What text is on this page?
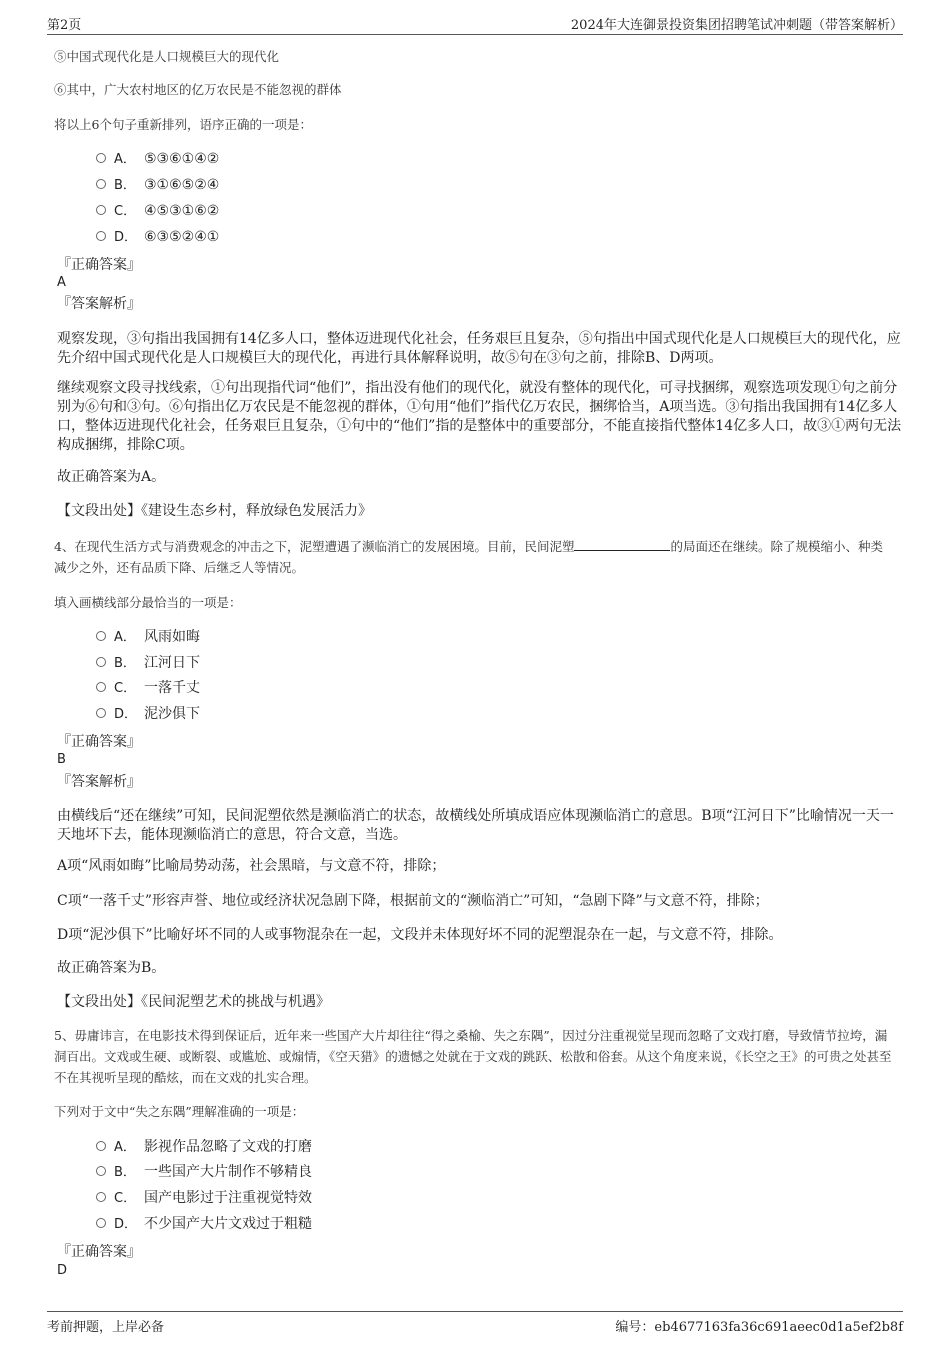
第2页	2024年大连御景投资集团招聘笔试冲刺题（带答案解析）
⑤中国式现代化是人口规模巨大的现代化
⑥其中，广大农村地区的亿万农民是不能忽视的群体
将以上6个句子重新排列，语序正确的一项是：
A． ⑤③⑥①④②
B． ③①⑥⑤②④
C． ④⑤③①⑥②
D． ⑥③⑤②④①
『正确答案』
A
『答案解析』
观察发现，③句指出我国拥有14亿多人口，整体迈进现代化社会，任务艰巨且复杂，⑤句指出中国式现代化是人口规模巨大的现代化，应先介绍中国式现代化是人口规模巨大的现代化，再进行具体解释说明，故⑤句在③句之前，排除B、D两项。
继续观察文段寻找线索，①句出现指代词“他们”，指出没有他们的现代化，就没有整体的现代化，可寻找捆绑，观察选项发现①句之前分别为⑥句和③句。⑥句指出亿万农民是不能忽视的群体，①句用“他们”指代亿万农民，捆绑恰当，A项当选。③句指出我国拥有14亿多人口，整体迈进现代化社会，任务艰巨且复杂，①句中的“他们”指的是整体中的重要部分，不能直接指代整体14亿多人口，故③①两句无法构成捆绑，排除C项。
故正确答案为A。
【文段出处】《建设生态乡村，释放绿色发展活力》
4、在现代生活方式与消费观念的冲击之下，泥塑遭遇了濒临消亡的发展困境。目前，民间泥塑	的局面还在继续。除了规模缩小、种类减少之外，还有品质下降、后继乏人等情况。
填入画横线部分最恰当的一项是：
A． 风雨如晦
B． 江河日下
C． 一落千丈
D． 泥沙俱下
『正确答案』
B
『答案解析』
由横线后“还在继续”可知，民间泥塑依然是濒临消亡的状态，故横线处所填成语应体现濒临消亡的意思。B项“江河日下”比喻情况一天一天地坏下去，能体现濒临消亡的意思，符合文意，当选。
A项“风雨如晦”比喻局势动荡，社会黑暗，与文意不符，排除；
C项“一落千丈”形容声誉、地位或经济状况急剧下降，根据前文的“濒临消亡”可知，“急剧下降”与文意不符，排除；
D项“泥沙俱下”比喻好坏不同的人或事物混杂在一起，文段并未体现好坏不同的泥塑混杂在一起，与文意不符，排除。
故正确答案为B。
【文段出处】《民间泥塑艺术的挑战与机遇》
5、毋庸讳言，在电影技术得到保证后，近年来一些国产大片却往往“得之桑榆、失之东隅”，因过分注重视觉呈现而忽略了文戏打磨，导致情节拉垮，漏洞百出。文戏或生硬、或断裂、或尴尬、或煽情，《空天猎》的遗憾之处就在于文戏的跳跃、松散和俗套。从这个角度来说，《长空之王》的可贵之处甚至不在其视听呈现的酷炫，而在文戏的扎实合理。
下列对于文中“失之东隅”理解准确的一项是：
A． 影视作品忽略了文戏的打磨
B． 一些国产大片制作不够精良
C． 国产电影过于注重视觉特效
D． 不少国产大片文戏过于粗糙
『正确答案』
D
考前押题，上岸必备	编号：eb4677163fa36c691aeec0d1a5ef2b8f
